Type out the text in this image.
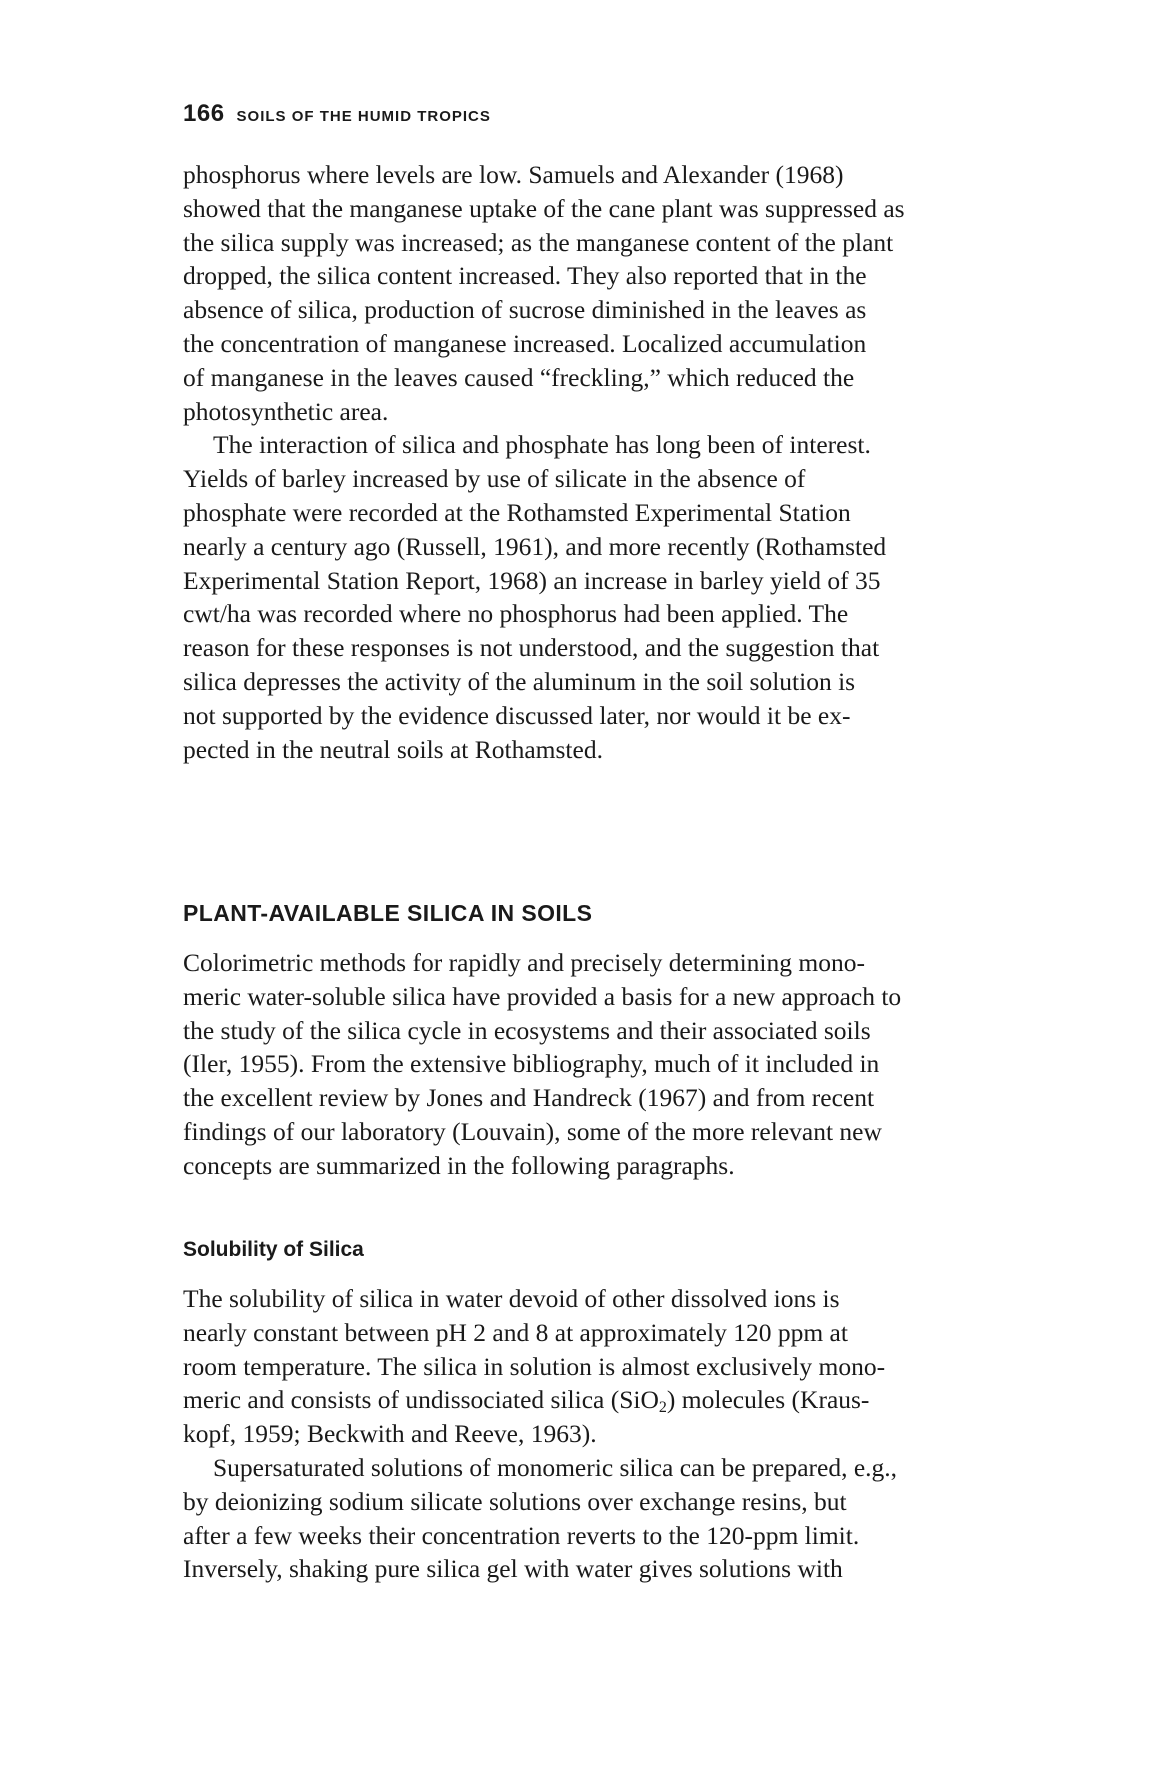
166 SOILS OF THE HUMID TROPICS
phosphorus where levels are low. Samuels and Alexander (1968)
showed that the manganese uptake of the cane plant was suppressed as
the silica supply was increased; as the manganese content of the plant
dropped, the silica content increased. They also reported that in the
absence of silica, production of sucrose diminished in the leaves as
the concentration of manganese increased. Localized accumulation
of manganese in the leaves caused “freckling,” which reduced the
photosynthetic area.
The interaction of silica and phosphate has long been of interest.
Yields of barley increased by use of silicate in the absence of
phosphate were recorded at the Rothamsted Experimental Station
nearly a century ago (Russell, 1961), and more recently (Rothamsted
Experimental Station Report, 1968) an increase in barley yield of 35
cwt/ha was recorded where no phosphorus had been applied. The
reason for these responses is not understood, and the suggestion that
silica depresses the activity of the aluminum in the soil solution is
not supported by the evidence discussed later, nor would it be ex-
pected in the neutral soils at Rothamsted.
PLANT-AVAILABLE SILICA IN SOILS
Colorimetric methods for rapidly and precisely determining mono-
meric water-soluble silica have provided a basis for a new approach to
the study of the silica cycle in ecosystems and their associated soils
(Iler, 1955). From the extensive bibliography, much of it included in
the excellent review by Jones and Handreck (1967) and from recent
findings of our laboratory (Louvain), some of the more relevant new
concepts are summarized in the following paragraphs.
Solubility of Silica
The solubility of silica in water devoid of other dissolved ions is
nearly constant between pH 2 and 8 at approximately 120 ppm at
room temperature. The silica in solution is almost exclusively mono-
meric and consists of undissociated silica (SiO$_2$) molecules (Kraus-
kopf, 1959; Beckwith and Reeve, 1963).
Supersaturated solutions of monomeric silica can be prepared, e.g.,
by deionizing sodium silicate solutions over exchange resins, but
after a few weeks their concentration reverts to the 120-ppm limit.
Inversely, shaking pure silica gel with water gives solutions with
